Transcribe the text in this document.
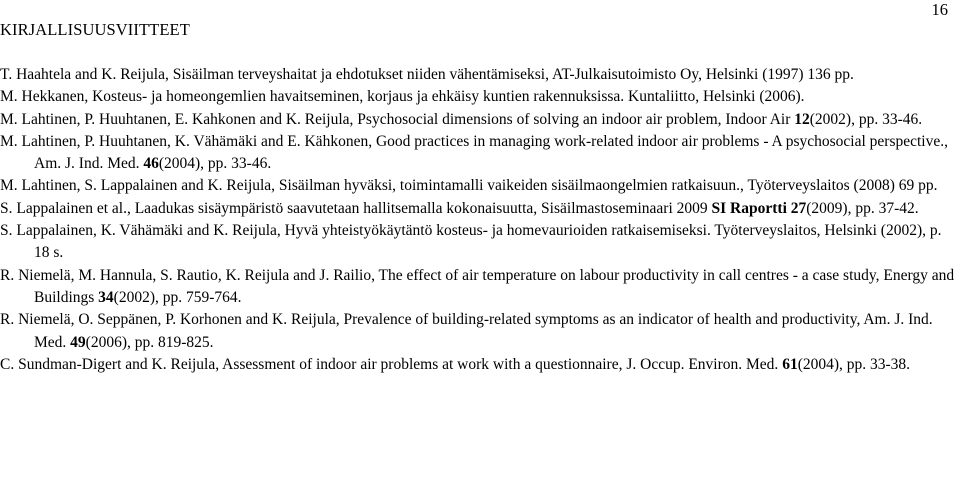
KIRJALLISUUSVIITTEET
16
T. Haahtela and K. Reijula, Sisäilman terveyshaitat ja ehdotukset niiden vähentämiseksi, AT-Julkaisutoimisto Oy, Helsinki (1997) 136 pp.
M. Hekkanen, Kosteus- ja homeongemlien havaitseminen, korjaus ja ehkäisy kuntien rakennuksissa. Kuntaliitto, Helsinki (2006).
M. Lahtinen, P. Huuhtanen, E. Kahkonen and K. Reijula, Psychosocial dimensions of solving an indoor air problem, Indoor Air 12(2002), pp. 33-46.
M. Lahtinen, P. Huuhtanen, K. Vähämäki and E. Kähkonen, Good practices in managing work-related indoor air problems - A psychosocial perspective., Am. J. Ind. Med. 46(2004), pp. 33-46.
M. Lahtinen, S. Lappalainen and K. Reijula, Sisäilman hyväksi, toimintamalli vaikeiden sisäilmaongelmien ratkaisuun., Työterveyslaitos (2008) 69 pp.
S. Lappalainen et al., Laadukas sisäympäristö saavutetaan hallitsemalla kokonaisuutta, Sisäilmastoseminaari 2009 SI Raportti 27(2009), pp. 37-42.
S. Lappalainen, K. Vähämäki and K. Reijula, Hyvä yhteistyökäytäntö kosteus- ja homevaurioiden ratkaisemiseksi. Työterveyslaitos, Helsinki (2002), p. 18 s.
R. Niemelä, M. Hannula, S. Rautio, K. Reijula and J. Railio, The effect of air temperature on labour productivity in call centres - a case study, Energy and Buildings 34(2002), pp. 759-764.
R. Niemelä, O. Seppänen, P. Korhonen and K. Reijula, Prevalence of building-related symptoms as an indicator of health and productivity, Am. J. Ind. Med. 49(2006), pp. 819-825.
C. Sundman-Digert and K. Reijula, Assessment of indoor air problems at work with a questionnaire, J. Occup. Environ. Med. 61(2004), pp. 33-38.
